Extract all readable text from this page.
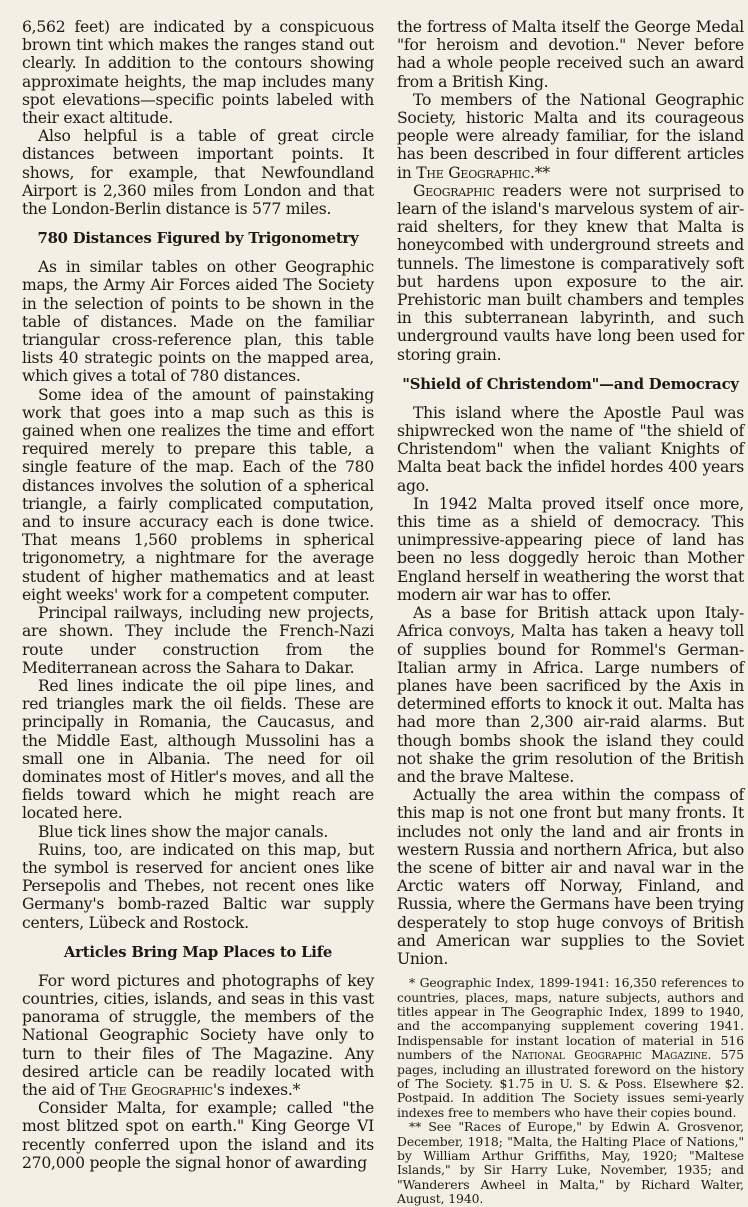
6,562 feet) are indicated by a conspicuous brown tint which makes the ranges stand out clearly. In addition to the contours showing approximate heights, the map includes many spot elevations—specific points labeled with their exact altitude.

Also helpful is a table of great circle distances between important points. It shows, for example, that Newfoundland Airport is 2,360 miles from London and that the London-Berlin distance is 577 miles.

780 Distances Figured by Trigonometry

As in similar tables on other Geographic maps, the Army Air Forces aided The Society in the selection of points to be shown in the table of distances. Made on the familiar triangular cross-reference plan, this table lists 40 strategic points on the mapped area, which gives a total of 780 distances.

Some idea of the amount of painstaking work that goes into a map such as this is gained when one realizes the time and effort required merely to prepare this table, a single feature of the map. Each of the 780 distances involves the solution of a spherical triangle, a fairly complicated computation, and to insure accuracy each is done twice. That means 1,560 problems in spherical trigonometry, a nightmare for the average student of higher mathematics and at least eight weeks' work for a competent computer.

Principal railways, including new projects, are shown. They include the French-Nazi route under construction from the Mediterranean across the Sahara to Dakar.

Red lines indicate the oil pipe lines, and red triangles mark the oil fields. These are principally in Romania, the Caucasus, and the Middle East, although Mussolini has a small one in Albania. The need for oil dominates most of Hitler's moves, and all the fields toward which he might reach are located here.

Blue tick lines show the major canals.

Ruins, too, are indicated on this map, but the symbol is reserved for ancient ones like Persepolis and Thebes, not recent ones like Germany's bomb-razed Baltic war supply centers, Lübeck and Rostock.

Articles Bring Map Places to Life

For word pictures and photographs of key countries, cities, islands, and seas in this vast panorama of struggle, the members of the National Geographic Society have only to turn to their files of The Magazine. Any desired article can be readily located with the aid of The Geographic's indexes.*

Consider Malta, for example; called "the most blitzed spot on earth." King George VI recently conferred upon the island and its 270,000 people the signal honor of awarding

the fortress of Malta itself the George Medal "for heroism and devotion." Never before had a whole people received such an award from a British King.

To members of the National Geographic Society, historic Malta and its courageous people were already familiar, for the island has been described in four different articles in The Geographic.**

Geographic readers were not surprised to learn of the island's marvelous system of air-raid shelters, for they knew that Malta is honeycombed with underground streets and tunnels. The limestone is comparatively soft but hardens upon exposure to the air. Prehistoric man built chambers and temples in this subterranean labyrinth, and such underground vaults have long been used for storing grain.

"Shield of Christendom"—and Democracy

This island where the Apostle Paul was shipwrecked won the name of "the shield of Christendom" when the valiant Knights of Malta beat back the infidel hordes 400 years ago.

In 1942 Malta proved itself once more, this time as a shield of democracy. This unimpressive-appearing piece of land has been no less doggedly heroic than Mother England herself in weathering the worst that modern air war has to offer.

As a base for British attack upon Italy-Africa convoys, Malta has taken a heavy toll of supplies bound for Rommel's German-Italian army in Africa. Large numbers of planes have been sacrificed by the Axis in determined efforts to knock it out. Malta has had more than 2,300 air-raid alarms. But though bombs shook the island they could not shake the grim resolution of the British and the brave Maltese.

Actually the area within the compass of this map is not one front but many fronts. It includes not only the land and air fronts in western Russia and northern Africa, but also the scene of bitter air and naval war in the Arctic waters off Norway, Finland, and Russia, where the Germans have been trying desperately to stop huge convoys of British and American war supplies to the Soviet Union.

* Geographic Index, 1899-1941: 16,350 references to countries, places, maps, nature subjects, authors and titles appear in The Geographic Index, 1899 to 1940, and the accompanying supplement covering 1941. Indispensable for instant location of material in 516 numbers of the National Geographic Magazine. 575 pages, including an illustrated foreword on the history of The Society. $1.75 in U. S. & Poss. Elsewhere $2. Postpaid. In addition The Society issues semi-yearly indexes free to members who have their copies bound.

** See "Races of Europe," by Edwin A. Grosvenor, December, 1918; "Malta, the Halting Place of Nations," by William Arthur Griffiths, May, 1920; "Maltese Islands," by Sir Harry Luke, November, 1935; and "Wanderers Awheel in Malta," by Richard Walter, August, 1940.
